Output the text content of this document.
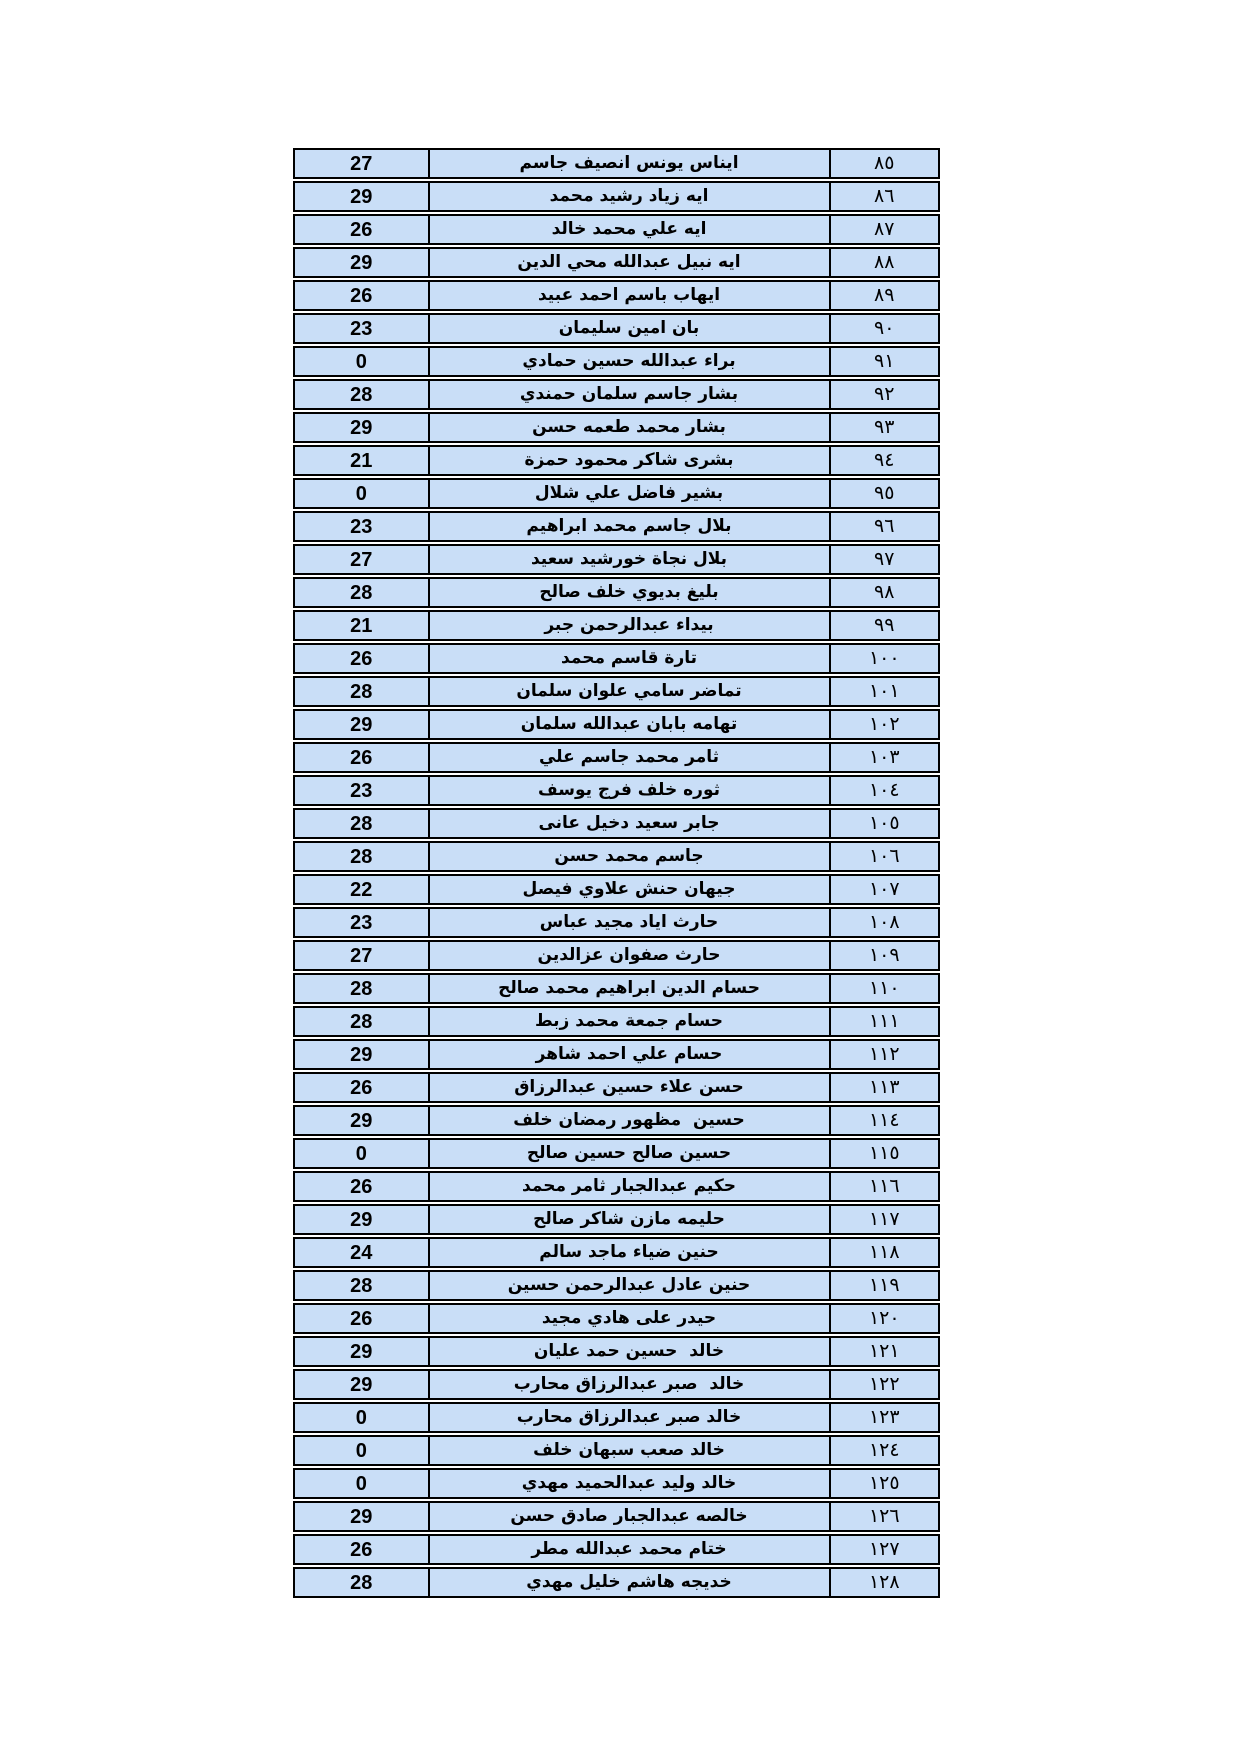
27	ايناس يونس انصيف جاسم	٨٥
29	ايه زياد رشيد محمد	٨٦
26	ايه علي محمد خالد	٨٧
29	ايه نبيل عبدالله محي الدين	٨٨
26	ايهاب باسم احمد عبيد	٨٩
23	بان امين سليمان	٩٠
0	براء عبدالله حسين حمادي	٩١
28	بشار جاسم سلمان حمندي	٩٢
29	بشار محمد طعمه حسن	٩٣
21	بشرى شاكر محمود حمزة	٩٤
0	بشير فاضل علي شلال	٩٥
23	بلال جاسم محمد ابراهيم	٩٦
27	بلال نجاة خورشيد سعيد	٩٧
28	بليغ بديوي خلف صالح	٩٨
21	بيداء عبدالرحمن جبر	٩٩
26	تارة قاسم محمد	١٠٠
28	تماضر سامي علوان سلمان	١٠١
29	تهامه بابان عبدالله سلمان	١٠٢
26	ثامر محمد جاسم علي	١٠٣
23	ثوره خلف فرج يوسف	١٠٤
28	جابر سعيد دخيل عانى	١٠٥
28	جاسم محمد حسن	١٠٦
22	جيهان حنش علاوي فيصل	١٠٧
23	حارث اياد مجيد عباس	١٠٨
27	حارث صفوان عزالدين	١٠٩
28	حسام الدين ابراهيم محمد صالح	١١٠
28	حسام جمعة محمد زبط	١١١
29	حسام علي احمد شاهر	١١٢
26	حسن علاء حسين عبدالرزاق	١١٣
29	حسين  مظهور رمضان خلف	١١٤
0	حسين صالح حسين صالح	١١٥
26	حكيم عبدالجبار ثامر محمد	١١٦
29	حليمه مازن شاكر صالح	١١٧
24	حنين ضياء ماجد سالم	١١٨
28	حنين عادل عبدالرحمن حسين	١١٩
26	حيدر على هادي مجيد	١٢٠
29	خالد  حسين حمد عليان	١٢١
29	خالد  صبر عبدالرزاق محارب	١٢٢
0	خالد صبر عبدالرزاق محارب	١٢٣
0	خالد صعب سبهان خلف	١٢٤
0	خالد وليد عبدالحميد مهدي	١٢٥
29	خالصه عبدالجبار صادق حسن	١٢٦
26	ختام محمد عبدالله مطر	١٢٧
28	خديجه هاشم خليل مهدي	١٢٨
